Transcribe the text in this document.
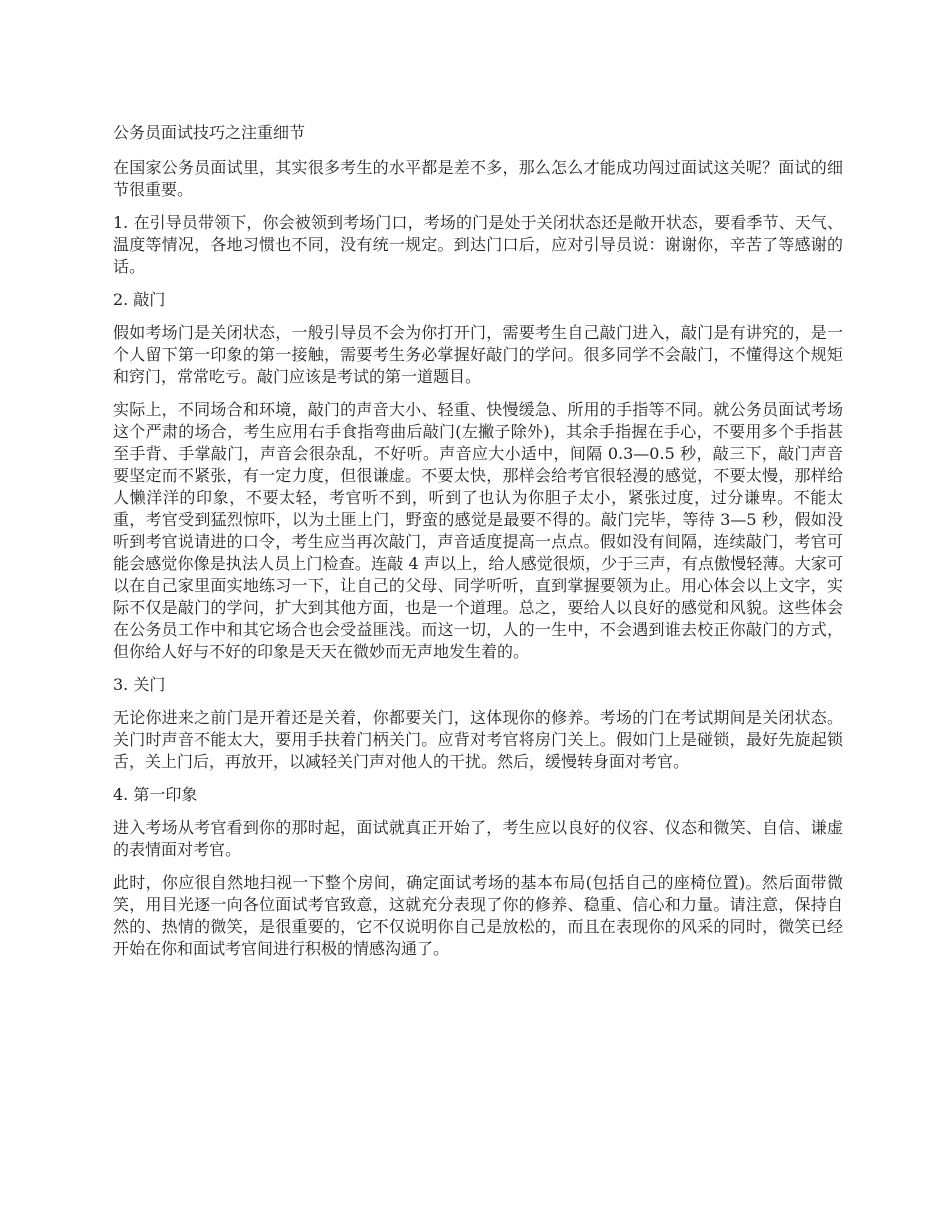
公务员面试技巧之注重细节

在国家公务员面试里，其实很多考生的水平都是差不多，那么怎么才能成功闯过面试这关呢？面试的细节很重要。

1. 在引导员带领下，你会被领到考场门口，考场的门是处于关闭状态还是敞开状态，要看季节、天气、温度等情况，各地习惯也不同，没有统一规定。到达门口后，应对引导员说：谢谢你，辛苦了等感谢的话。

2. 敲门

假如考场门是关闭状态，一般引导员不会为你打开门，需要考生自己敲门进入，敲门是有讲究的，是一个人留下第一印象的第一接触，需要考生务必掌握好敲门的学问。很多同学不会敲门，不懂得这个规矩和窍门，常常吃亏。敲门应该是考试的第一道题目。

实际上，不同场合和环境，敲门的声音大小、轻重、快慢缓急、所用的手指等不同。就公务员面试考场这个严肃的场合，考生应用右手食指弯曲后敲门(左撇子除外)，其余手指握在手心，不要用多个手指甚至手背、手掌敲门，声音会很杂乱，不好听。声音应大小适中，间隔 0.3—0.5 秒，敲三下，敲门声音要坚定而不紧张，有一定力度，但很谦虚。不要太快，那样会给考官很轻漫的感觉，不要太慢，那样给人懒洋洋的印象，不要太轻，考官听不到，听到了也认为你胆子太小，紧张过度，过分谦卑。不能太重，考官受到猛烈惊吓，以为土匪上门，野蛮的感觉是最要不得的。敲门完毕，等待 3—5 秒，假如没听到考官说请进的口令，考生应当再次敲门，声音适度提高一点点。假如没有间隔，连续敲门，考官可能会感觉你像是执法人员上门检查。连敲 4 声以上，给人感觉很烦，少于三声，有点傲慢轻薄。大家可以在自己家里面实地练习一下，让自己的父母、同学听听，直到掌握要领为止。用心体会以上文字，实际不仅是敲门的学问，扩大到其他方面，也是一个道理。总之，要给人以良好的感觉和风貌。这些体会在公务员工作中和其它场合也会受益匪浅。而这一切，人的一生中，不会遇到谁去校正你敲门的方式，但你给人好与不好的印象是天天在微妙而无声地发生着的。

3. 关门

无论你进来之前门是开着还是关着，你都要关门，这体现你的修养。考场的门在考试期间是关闭状态。关门时声音不能太大，要用手扶着门柄关门。应背对考官将房门关上。假如门上是碰锁，最好先旋起锁舌，关上门后，再放开，以减轻关门声对他人的干扰。然后，缓慢转身面对考官。

4. 第一印象

进入考场从考官看到你的那时起，面试就真正开始了，考生应以良好的仪容、仪态和微笑、自信、谦虚的表情面对考官。

此时，你应很自然地扫视一下整个房间，确定面试考场的基本布局(包括自己的座椅位置)。然后面带微笑，用目光逐一向各位面试考官致意，这就充分表现了你的修养、稳重、信心和力量。请注意，保持自然的、热情的微笑，是很重要的，它不仅说明你自己是放松的，而且在表现你的风采的同时，微笑已经开始在你和面试考官间进行积极的情感沟通了。
